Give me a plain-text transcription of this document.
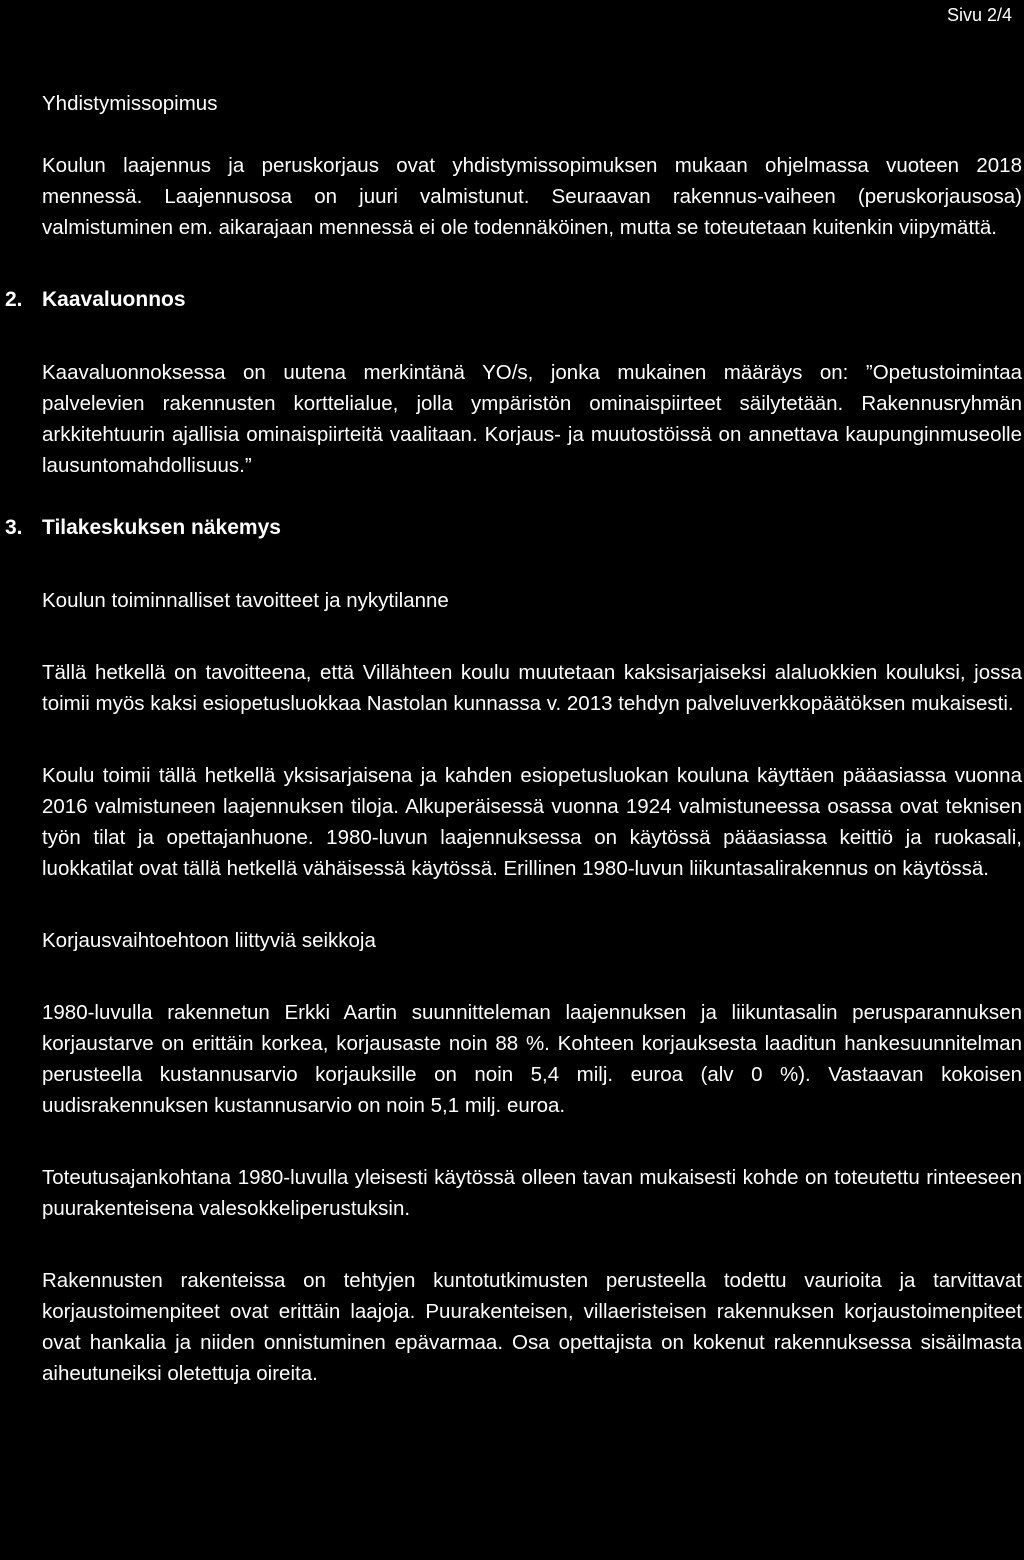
Sivu 2/4

Yhdistymissopimus

Koulun laajennus ja peruskorjaus ovat yhdistymissopimuksen mukaan ohjelmassa vuoteen 2018 mennessä. Laajennusosa on juuri valmistunut. Seuraavan rakennus-vaiheen (peruskorjausosa) valmistuminen em. aikarajaan mennessä ei ole todennäköinen, mutta se toteutetaan kuitenkin viipymättä.

2. Kaavaluonnos

Kaavaluonnoksessa on uutena merkintänä YO/s, jonka mukainen määräys on: ”Opetustoimintaa palvelevien rakennusten korttelialue, jolla ympäristön ominaispiirteet säilytetään. Rakennusryhmän arkkitehtuurin ajallisia ominaispiirteitä vaalitaan. Korjaus- ja muutostöissä on annettava kaupunginmuseolle lausuntomahdollisuus.”

3. Tilakeskuksen näkemys

Koulun toiminnalliset tavoitteet ja nykytilanne

Tällä hetkellä on tavoitteena, että Villähteen koulu muutetaan kaksisarjaiseksi alaluokkien kouluksi, jossa toimii myös kaksi esiopetusluokkaa Nastolan kunnassa v. 2013 tehdyn palveluverkkopäätöksen mukaisesti.

Koulu toimii tällä hetkellä yksisarjaisena ja kahden esiopetusluokan kouluna käyttäen pääasiassa vuonna 2016 valmistuneen laajennuksen tiloja. Alkuperäisessä vuonna 1924 valmistuneessa osassa ovat teknisen työn tilat ja opettajanhuone. 1980-luvun laajennuksessa on käytössä pääasiassa keittiö ja ruokasali, luokkatilat ovat tällä hetkellä vähäisessä käytössä. Erillinen 1980-luvun liikuntasalirakennus on käytössä.

Korjausvaihtoehtoon liittyviä seikkoja

1980-luvulla rakennetun Erkki Aartin suunnitteleman laajennuksen ja liikuntasalin perusparannuksen korjaustarve on erittäin korkea, korjausaste noin 88 %. Kohteen korjauksesta laaditun hankesuunnitelman perusteella kustannusarvio korjauksille on noin 5,4 milj. euroa (alv 0 %). Vastaavan kokoisen uudisrakennuksen kustannusarvio on noin 5,1 milj. euroa.

Toteutusajankohtana 1980-luvulla yleisesti käytössä olleen tavan mukaisesti kohde on toteutettu rinteeseen puurakenteisena valesokkeliperustuksin.

Rakennusten rakenteissa on tehtyjen kuntotutkimusten perusteella todettu vaurioita ja tarvittavat korjaustoimenpiteet ovat erittäin laajoja. Puurakenteisen, villaeristeisen rakennuksen korjaustoimenpiteet ovat hankalia ja niiden onnistuminen epävarmaa. Osa opettajista on kokenut rakennuksessa sisäilmasta aiheutuneiksi oletettuja oireita.
